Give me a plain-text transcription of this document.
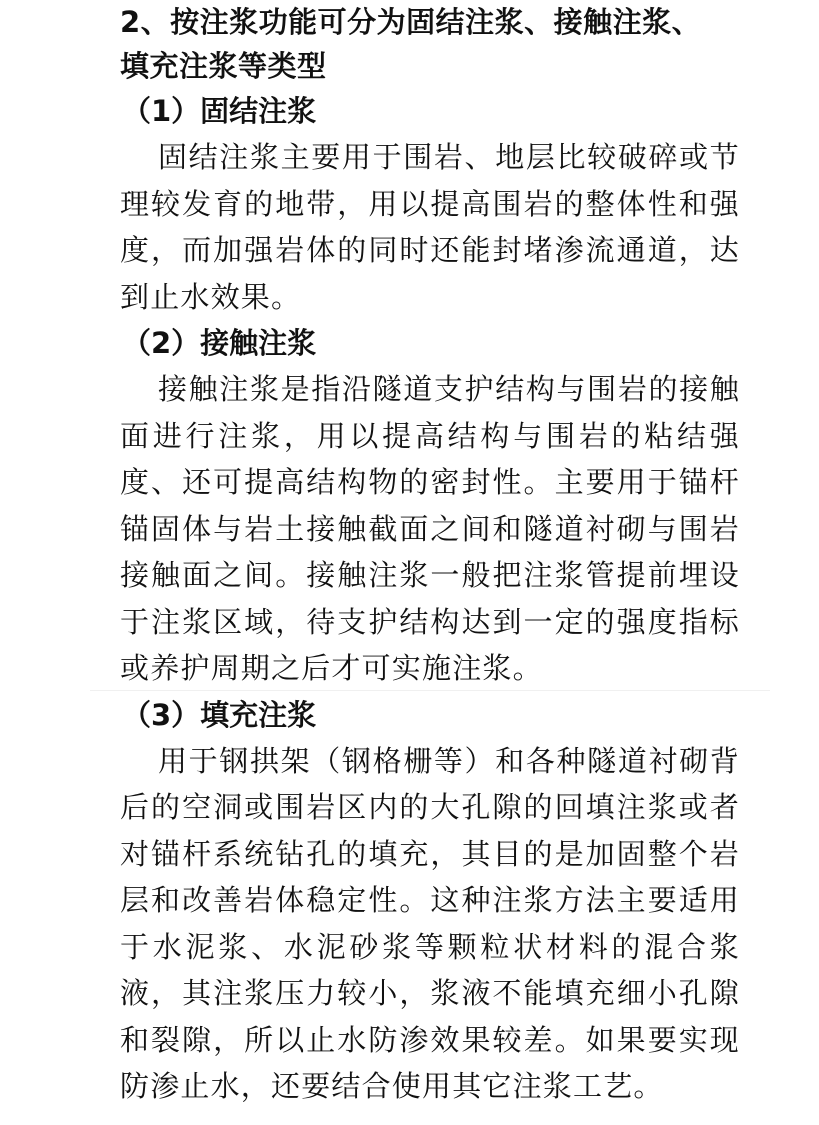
2、按注浆功能可分为固结注浆、接触注浆、
填充注浆等类型
（1）固结注浆

固结注浆主要用于围岩、地层比较破碎或节理较发育的地带，用以提高围岩的整体性和强度，而加强岩体的同时还能封堵渗流通道，达到止水效果。

（2）接触注浆

接触注浆是指沿隧道支护结构与围岩的接触面进行注浆，用以提高结构与围岩的粘结强度、还可提高结构物的密封性。主要用于锚杆锚固体与岩土接触截面之间和隧道衬砌与围岩接触面之间。接触注浆一般把注浆管提前埋设于注浆区域，待支护结构达到一定的强度指标或养护周期之后才可实施注浆。

（3）填充注浆

用于钢拱架（钢格栅等）和各种隧道衬砌背后的空洞或围岩区内的大孔隙的回填注浆或者对锚杆系统钻孔的填充，其目的是加固整个岩层和改善岩体稳定性。这种注浆方法主要适用于水泥浆、水泥砂浆等颗粒状材料的混合浆液，其注浆压力较小，浆液不能填充细小孔隙和裂隙，所以止水防渗效果较差。如果要实现防渗止水，还要结合使用其它注浆工艺。
